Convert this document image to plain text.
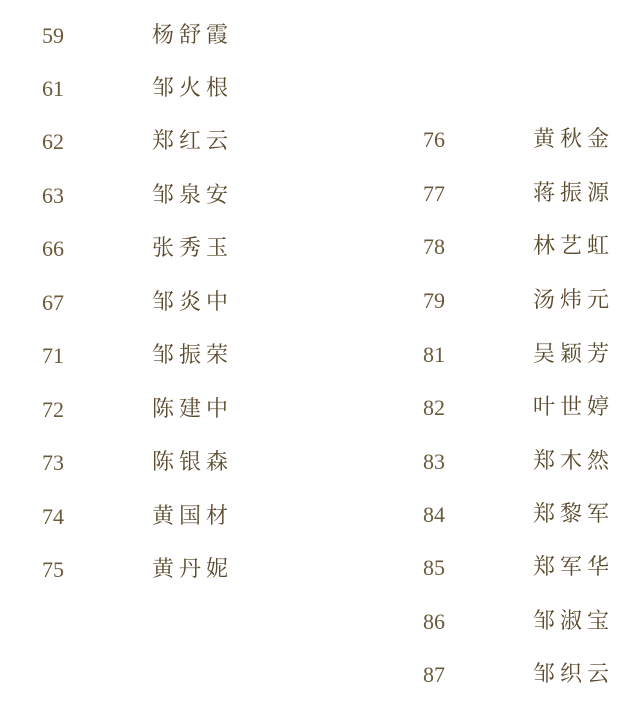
59	杨舒霞
61	邹火根
62	郑红云
63	邹泉安
66	张秀玉
67	邹炎中
71	邹振荣
72	陈建中
73	陈银森
74	黄国材
75	黄丹妮
76	黄秋金
77	蒋振源
78	林艺虹
79	汤炜元
81	吴颖芳
82	叶世婷
83	郑木然
84	郑黎军
85	郑军华
86	邹淑宝
87	邹织云
